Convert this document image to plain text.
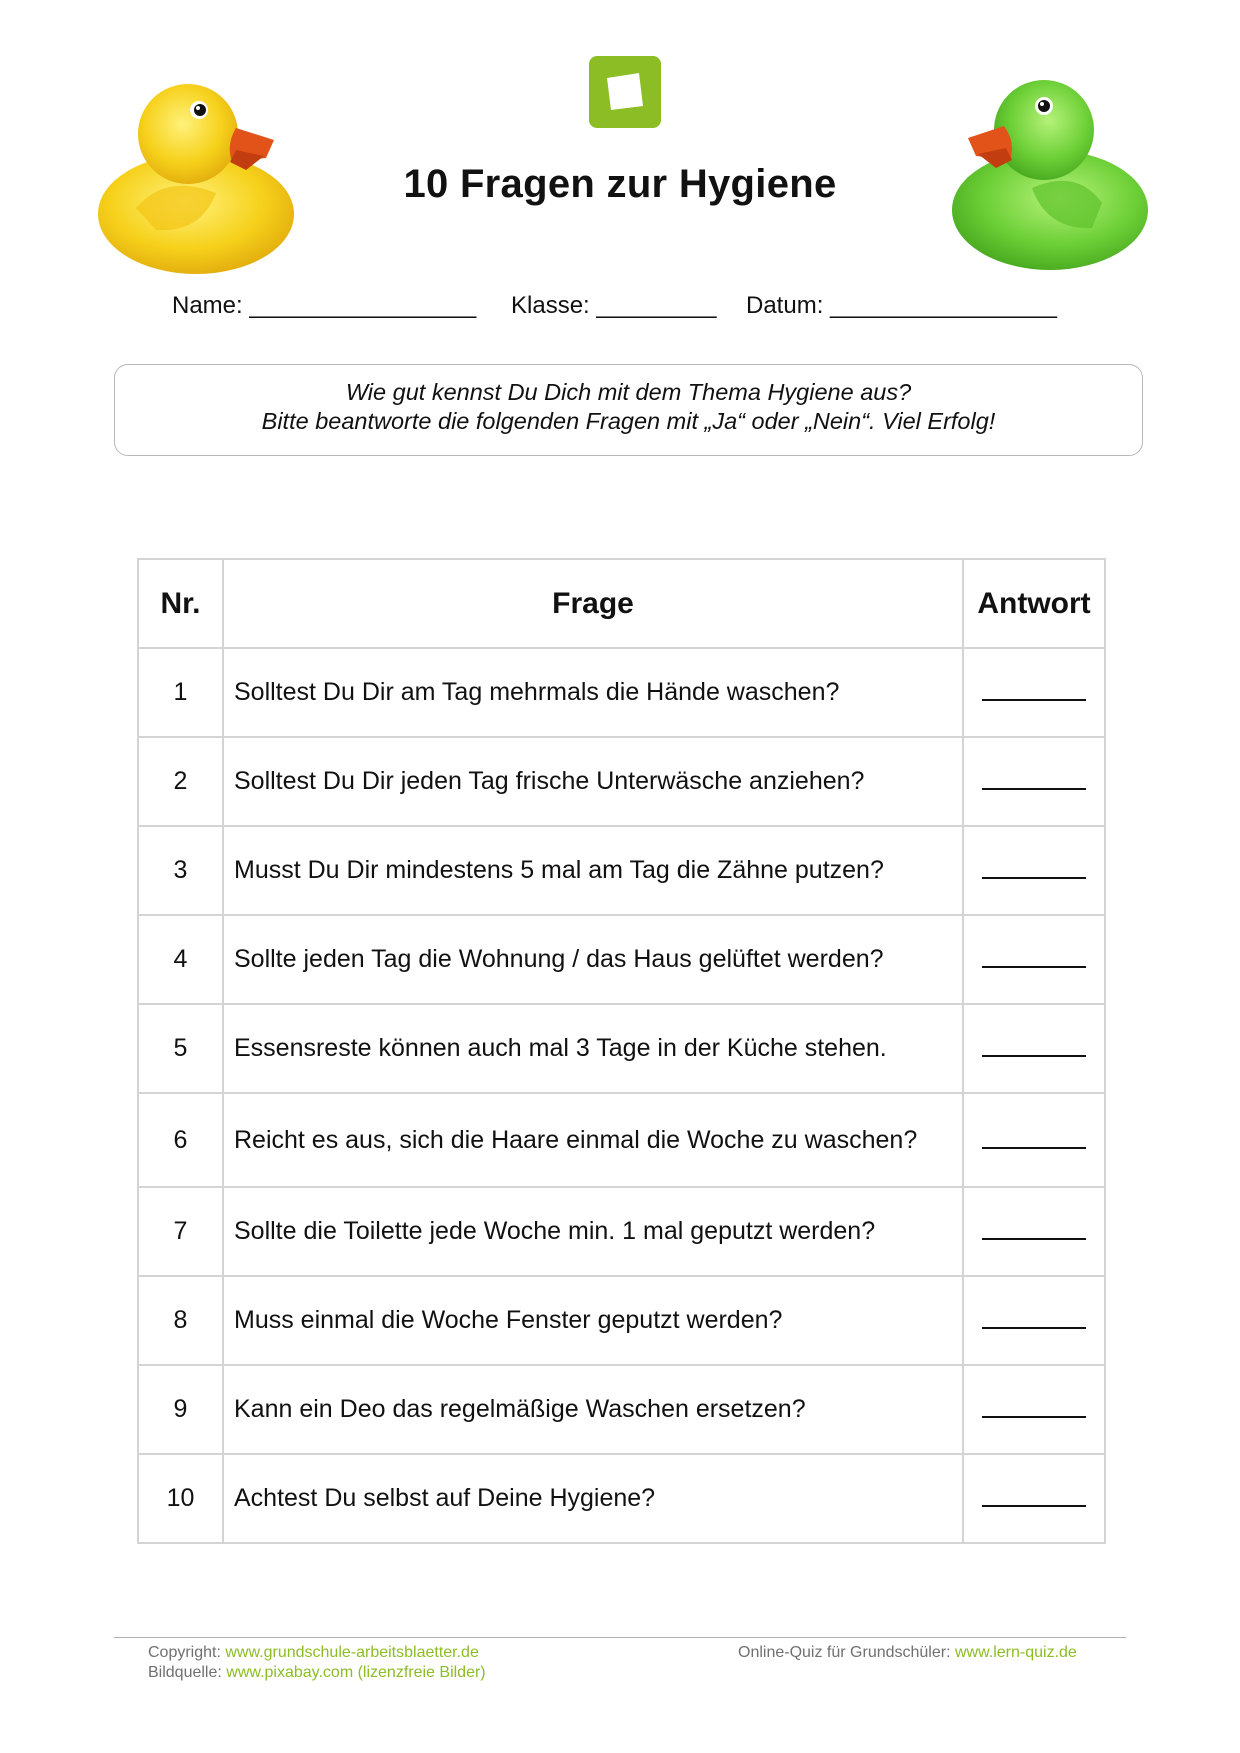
10 Fragen zur Hygiene
Name: _________________ Klasse: _________ Datum: _________________
Wie gut kennst Du Dich mit dem Thema Hygiene aus?
Bitte beantworte die folgenden Fragen mit „Ja“ oder „Nein“. Viel Erfolg!
Nr.	Frage	Antwort
1	Solltest Du Dir am Tag mehrmals die Hände waschen?	
2	Solltest Du Dir jeden Tag frische Unterwäsche anziehen?	
3	Musst Du Dir mindestens 5 mal am Tag die Zähne putzen?	
4	Sollte jeden Tag die Wohnung / das Haus gelüftet werden?	
5	Essensreste können auch mal 3 Tage in der Küche stehen.	
6	Reicht es aus, sich die Haare einmal die Woche zu waschen?	
7	Sollte die Toilette jede Woche min. 1 mal geputzt werden?	
8	Muss einmal die Woche Fenster geputzt werden?	
9	Kann ein Deo das regelmäßige Waschen ersetzen?	
10	Achtest Du selbst auf Deine Hygiene?	
Copyright: www.grundschule-arbeitsblaetter.de
Bildquelle: www.pixabay.com (lizenzfreie Bilder)
Online-Quiz für Grundschüler: www.lern-quiz.de
